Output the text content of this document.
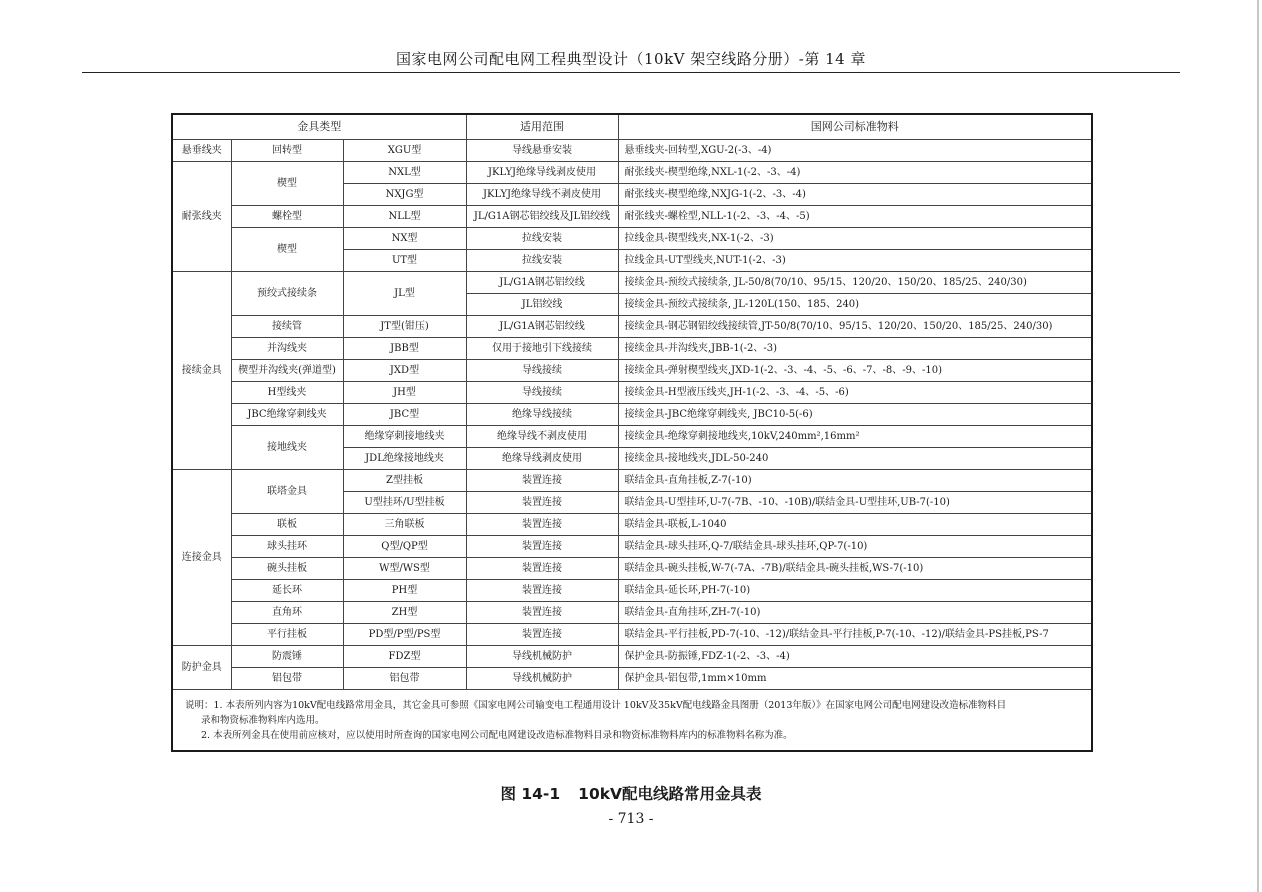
国家电网公司配电网工程典型设计（10kV 架空线路分册）-第 14 章
金具类型			适用范围	国网公司标准物料
悬垂线夹	回转型	XGU型	导线悬垂安装	悬垂线夹-回转型,XGU-2(-3、-4)
耐张线夹	楔型	NXL型	JKLYJ绝缘导线剥皮使用	耐张线夹-楔型绝缘,NXL-1(-2、-3、-4)
		NXJG型	JKLYJ绝缘导线不剥皮使用	耐张线夹-楔型绝缘,NXJG-1(-2、-3、-4)
	螺栓型	NLL型	JL/G1A钢芯铝绞线及JL铝绞线	耐张线夹-螺栓型,NLL-1(-2、-3、-4、-5)
	楔型	NX型	拉线安装	拉线金具-锲型线夹,NX-1(-2、-3)
		UT型	拉线安装	拉线金具-UT型线夹,NUT-1(-2、-3)
接续金具	预绞式接续条	JL型	JL/G1A钢芯铝绞线	接续金具-预绞式接续条, JL-50/8(70/10、95/15、120/20、150/20、185/25、240/30)
			JL铝绞线	接续金具-预绞式接续条, JL-120L(150、185、240)
	接续管	JT型(钳压)	JL/G1A钢芯铝绞线	接续金具-钢芯钢铝绞线接续管,JT-50/8(70/10、95/15、120/20、150/20、185/25、240/30)
	并沟线夹	JBB型	仅用于接地引下线接续	接续金具-并沟线夹,JBB-1(-2、-3)
	楔型并沟线夹(弹道型)	JXD型	导线接续	接续金具-弹射楔型线夹,JXD-1(-2、-3、-4、-5、-6、-7、-8、-9、-10)
	H型线夹	JH型	导线接续	接续金具-H型液压线夹,JH-1(-2、-3、-4、-5、-6)
	JBC绝缘穿刺线夹	JBC型	绝缘导线接续	接续金具-JBC绝缘穿刺线夹, JBC10-5(-6)
	接地线夹	绝缘穿刺接地线夹	绝缘导线不剥皮使用	接续金具-绝缘穿刺接地线夹,10kV,240mm²,16mm²
		JDL绝缘接地线夹	绝缘导线剥皮使用	接续金具-接地线夹,JDL-50-240
连接金具	联塔金具	Z型挂板	装置连接	联结金具-直角挂板,Z-7(-10)
		U型挂环/U型挂板	装置连接	联结金具-U型挂环,U-7(-7B、-10、-10B)/联结金具-U型挂环,UB-7(-10)
	联板	三角联板	装置连接	联结金具-联板,L-1040
	球头挂环	Q型/QP型	装置连接	联结金具-球头挂环,Q-7/联结金具-球头挂环,QP-7(-10)
	碗头挂板	W型/WS型	装置连接	联结金具-碗头挂板,W-7(-7A、-7B)/联结金具-碗头挂板,WS-7(-10)
	延长环	PH型	装置连接	联结金具-延长环,PH-7(-10)
	直角环	ZH型	装置连接	联结金具-直角挂环,ZH-7(-10)
	平行挂板	PD型/P型/PS型	装置连接	联结金具-平行挂板,PD-7(-10、-12)/联结金具-平行挂板,P-7(-10、-12)/联结金具-PS挂板,PS-7
防护金具	防震锤	FDZ型	导线机械防护	保护金具-防振锤,FDZ-1(-2、-3、-4)
	铝包带	铝包带	导线机械防护	保护金具-铝包带,1mm×10mm

说明：1. 本表所列内容为10kV配电线路常用金具，其它金具可参照《国家电网公司输变电工程通用设计 10kV及35kV配电线路金具图册（2013年版）》在国家电网公司配电网建设改造标准物料目
录和物资标准物料库内选用。
2. 本表所列金具在使用前应核对，应以使用时所查询的国家电网公司配电网建设改造标准物料目录和物资标准物料库内的标准物料名称为准。				
图 14-1 10kV配电线路常用金具表
- 713 -
